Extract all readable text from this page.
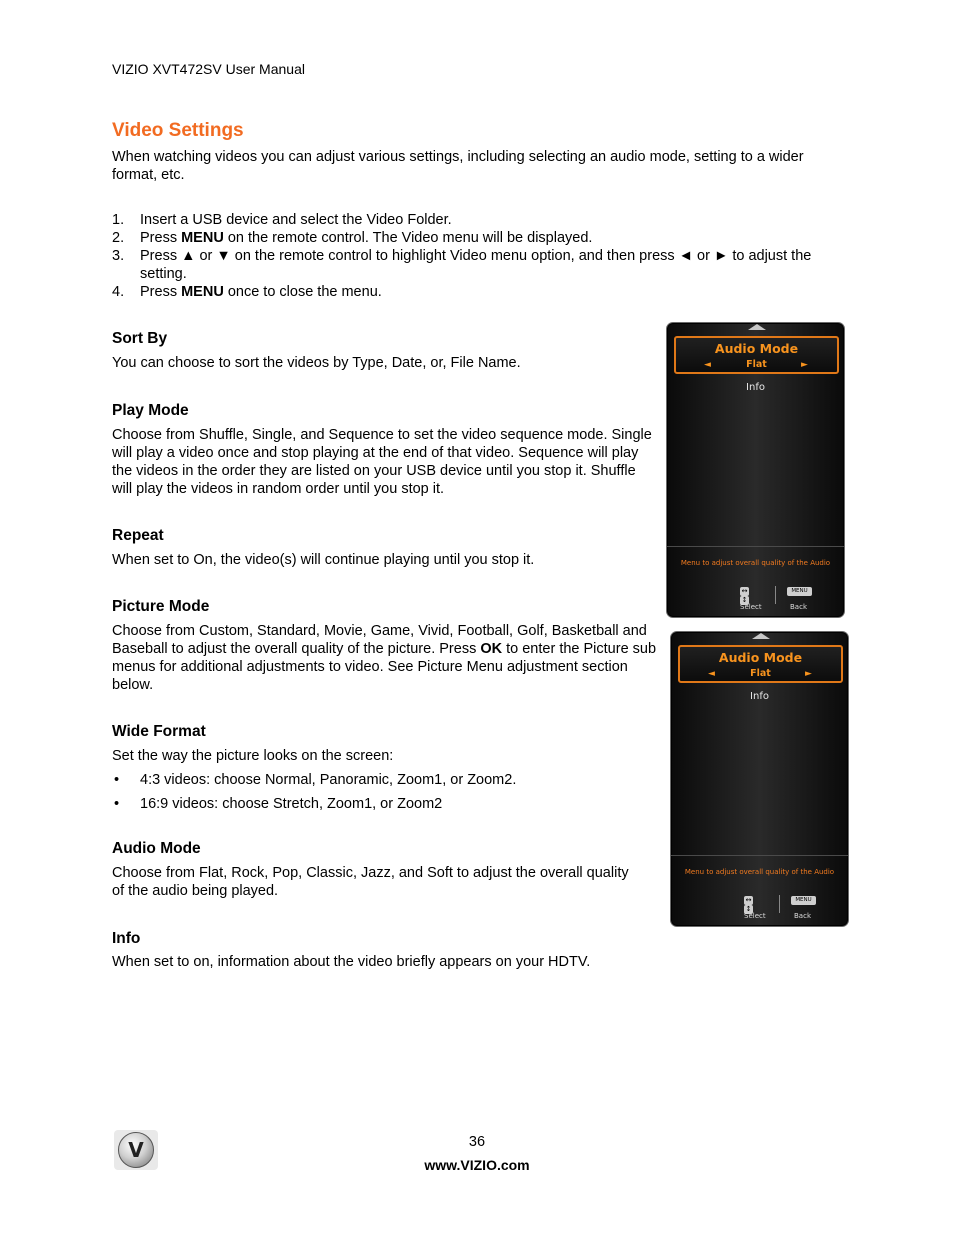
VIZIO XVT472SV User Manual
Video Settings
When watching videos you can adjust various settings, including selecting an audio mode, setting to a wider format, etc.
1. Insert a USB device and select the Video Folder.
2. Press MENU on the remote control. The Video menu will be displayed.
3. Press ▲ or ▼ on the remote control to highlight Video menu option, and then press ◄ or ► to adjust the setting.
4. Press MENU once to close the menu.
Sort By
You can choose to sort the videos by Type, Date, or, File Name.
Play Mode
Choose from Shuffle, Single, and Sequence to set the video sequence mode. Single will play a video once and stop playing at the end of that video. Sequence will play the videos in the order they are listed on your USB device until you stop it. Shuffle will play the videos in random order until you stop it.
Repeat
When set to On, the video(s) will continue playing until you stop it.
Picture Mode
Choose from Custom, Standard, Movie, Game, Vivid, Football, Golf, Basketball and Baseball to adjust the overall quality of the picture. Press OK to enter the Picture sub menus for additional adjustments to video. See Picture Menu adjustment section below.
Wide Format
Set the way the picture looks on the screen:
• 4:3 videos: choose Normal, Panoramic, Zoom1, or Zoom2.
• 16:9 videos: choose Stretch, Zoom1, or Zoom2
Audio Mode
Choose from Flat, Rock, Pop, Classic, Jazz, and Soft to adjust the overall quality of the audio being played.
Info
When set to on, information about the video briefly appears on your HDTV.
Audio Mode
◄	Flat	►
Info
Menu to adjust overall quality of the Audio
↔↕
MENU
Select	Back
Audio Mode
◄	Flat	►
Info
Menu to adjust overall quality of the Audio
↔↕
MENU
Select	Back
V	36
www.VIZIO.com
